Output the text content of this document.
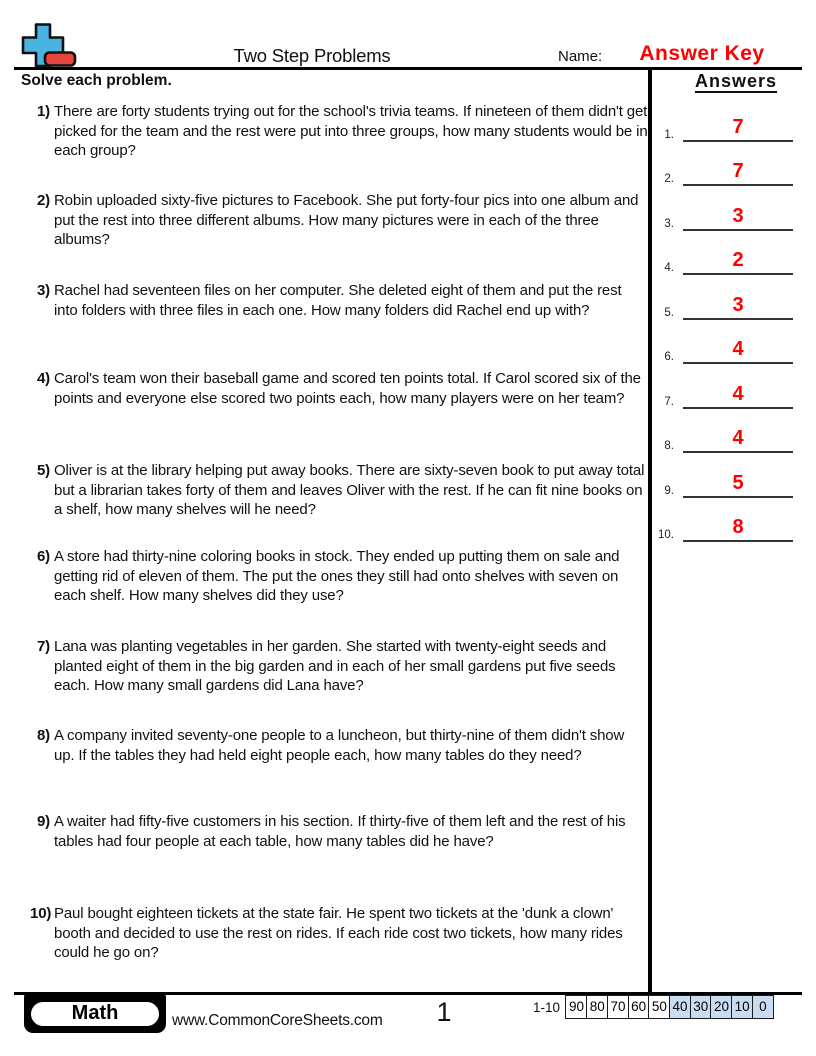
Two Step Problems	Name:	Answer Key
Solve each problem.	Answers
1) There are forty students trying out for the school's trivia teams. If nineteen of them didn't get picked for the team and the rest were put into three groups, how many students would be in each group?
2) Robin uploaded sixty-five pictures to Facebook. She put forty-four pics into one album and put the rest into three different albums. How many pictures were in each of the three albums?
3) Rachel had seventeen files on her computer. She deleted eight of them and put the rest into folders with three files in each one. How many folders did Rachel end up with?
4) Carol's team won their baseball game and scored ten points total. If Carol scored six of the points and everyone else scored two points each, how many players were on her team?
5) Oliver is at the library helping put away books. There are sixty-seven book to put away total but a librarian takes forty of them and leaves Oliver with the rest. If he can fit nine books on a shelf, how many shelves will he need?
6) A store had thirty-nine coloring books in stock. They ended up putting them on sale and getting rid of eleven of them. The put the ones they still had onto shelves with seven on each shelf. How many shelves did they use?
7) Lana was planting vegetables in her garden. She started with twenty-eight seeds and planted eight of them in the big garden and in each of her small gardens put five seeds each. How many small gardens did Lana have?
8) A company invited seventy-one people to a luncheon, but thirty-nine of them didn't show up. If the tables they had held eight people each, how many tables do they need?
9) A waiter had fifty-five customers in his section. If thirty-five of them left and the rest of his tables had four people at each table, how many tables did he have?
10) Paul bought eighteen tickets at the state fair. He spent two tickets at the 'dunk a clown' booth and decided to use the rest on rides. If each ride cost two tickets, how many rides could he go on?
1.	7
2.	7
3.	3
4.	2
5.	3
6.	4
7.	4
8.	4
9.	5
10.	8
Math	www.CommonCoreSheets.com	1	1-10 90 80 70 60 50 40 30 20 10 0
